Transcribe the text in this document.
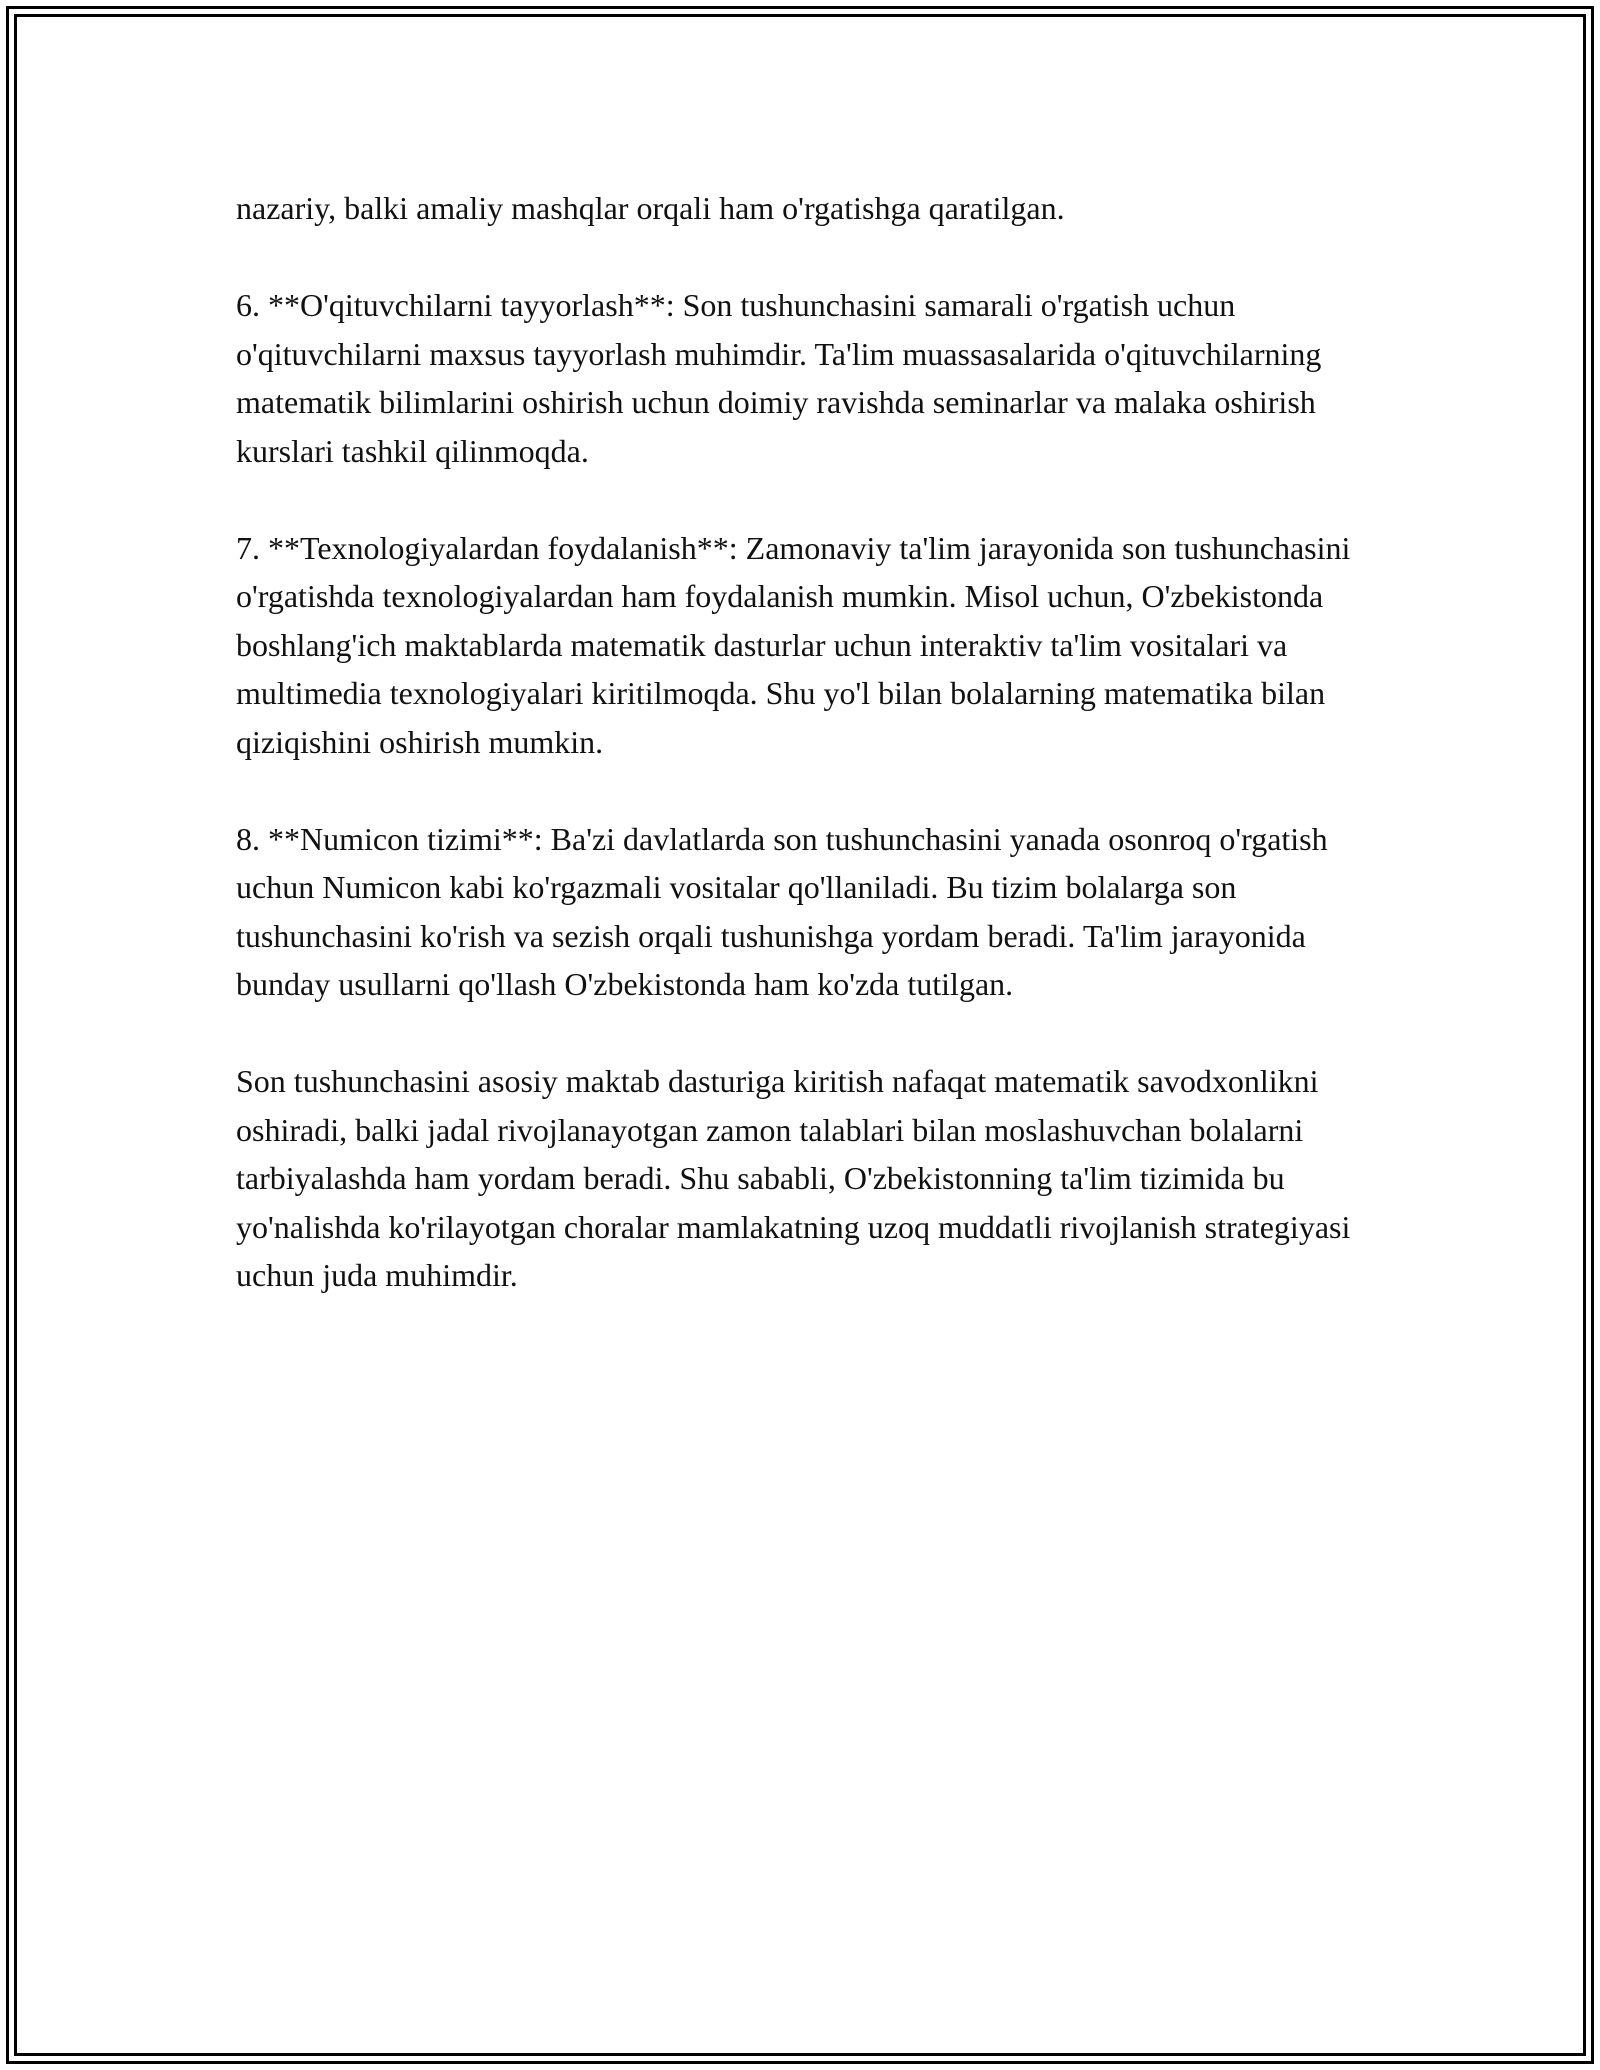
nazariy, balki amaliy mashqlar orqali ham o'rgatishga qaratilgan.

6. **O'qituvchilarni tayyorlash**: Son tushunchasini samarali o'rgatish uchun o'qituvchilarni maxsus tayyorlash muhimdir. Ta'lim muassasalarida o'qituvchilarning matematik bilimlarini oshirish uchun doimiy ravishda seminarlar va malaka oshirish kurslari tashkil qilinmoqda.

7. **Texnologiyalardan foydalanish**: Zamonaviy ta'lim jarayonida son tushunchasini o'rgatishda texnologiyalardan ham foydalanish mumkin. Misol uchun, O'zbekistonda boshlang'ich maktablarda matematik dasturlar uchun interaktiv ta'lim vositalari va multimedia texnologiyalari kiritilmoqda. Shu yo'l bilan bolalarning matematika bilan qiziqishini oshirish mumkin.

8. **Numicon tizimi**: Ba'zi davlatlarda son tushunchasini yanada osonroq o'rgatish uchun Numicon kabi ko'rgazmali vositalar qo'llaniladi. Bu tizim bolalarga son tushunchasini ko'rish va sezish orqali tushunishga yordam beradi. Ta'lim jarayonida bunday usullarni qo'llash O'zbekistonda ham ko'zda tutilgan.

Son tushunchasini asosiy maktab dasturiga kiritish nafaqat matematik savodxonlikni oshiradi, balki jadal rivojlanayotgan zamon talablari bilan moslashuvchan bolalarni tarbiyalashda ham yordam beradi. Shu sababli, O'zbekistonning ta'lim tizimida bu yo'nalishda ko'rilayotgan choralar mamlakatning uzoq muddatli rivojlanish strategiyasi uchun juda muhimdir.
